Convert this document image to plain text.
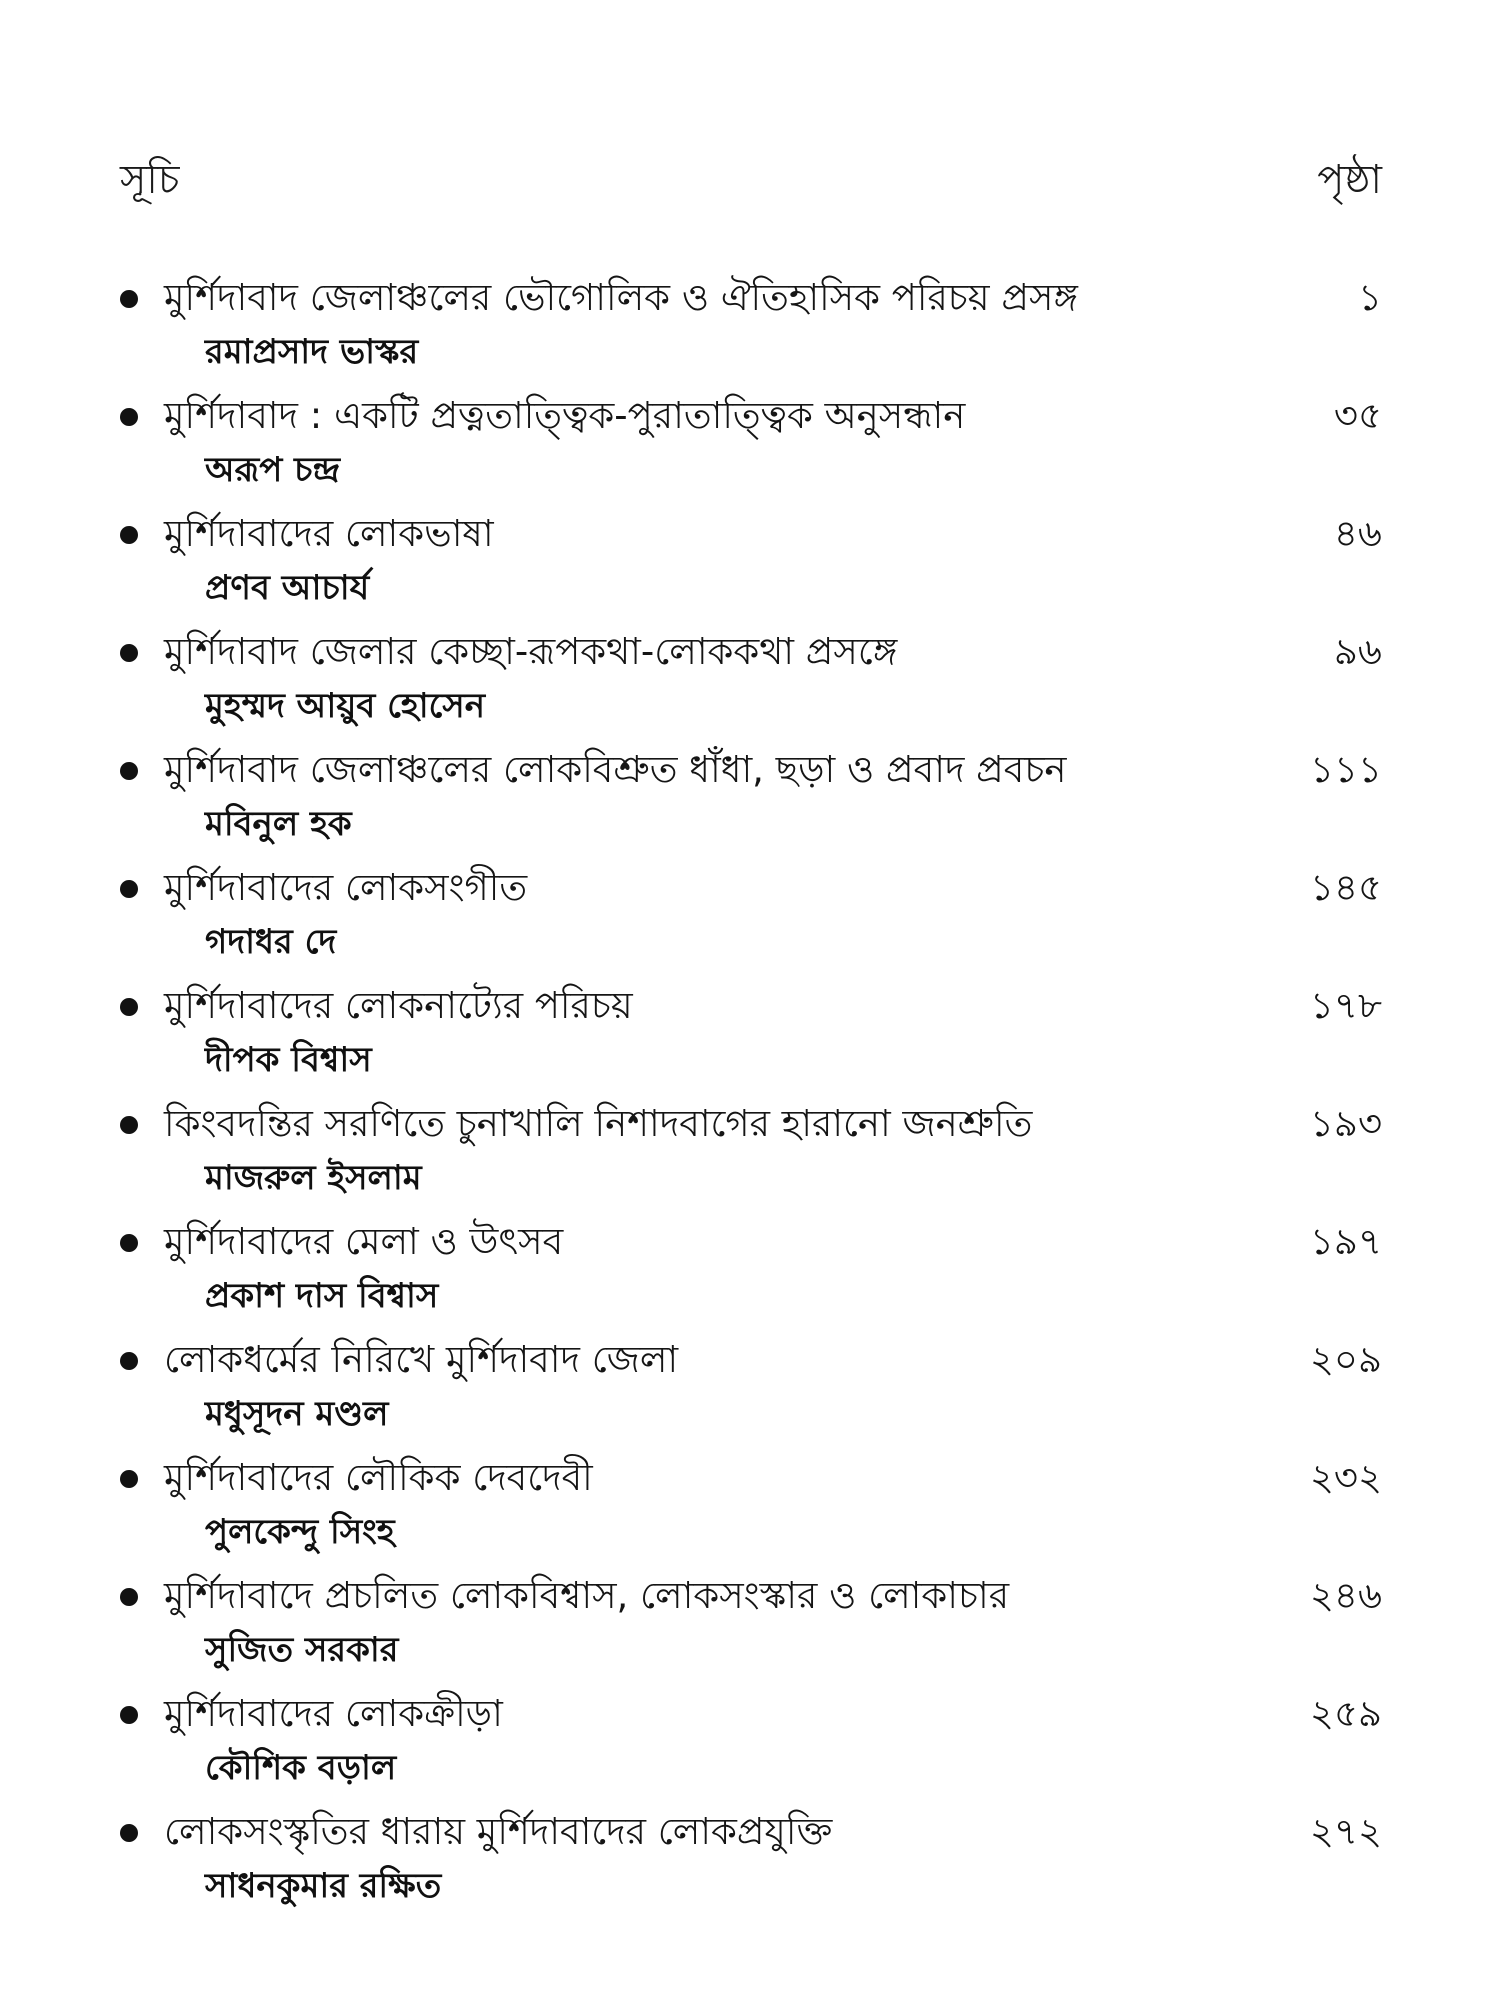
সূচি	পৃষ্ঠা
মুর্শিদাবাদ জেলাঞ্চলের ভৌগোলিক ও ঐতিহাসিক পরিচয় প্রসঙ্গ	১
রমাপ্রসাদ ভাস্কর
মুর্শিদাবাদ : একটি প্রত্নতাত্ত্বিক-পুরাতাত্ত্বিক অনুসন্ধান	৩৫
অরূপ চন্দ্র
মুর্শিদাবাদের লোকভাষা	৪৬
প্রণব আচার্য
মুর্শিদাবাদ জেলার কেচ্ছা-রূপকথা-লোককথা প্রসঙ্গে	৯৬
মুহম্মদ আয়ুব হোসেন
মুর্শিদাবাদ জেলাঞ্চলের লোকবিশ্রুত ধাঁধা, ছড়া ও প্রবাদ প্রবচন	১১১
মবিনুল হক
মুর্শিদাবাদের লোকসংগীত	১৪৫
গদাধর দে
মুর্শিদাবাদের লোকনাট্যের পরিচয়	১৭৮
দীপক বিশ্বাস
কিংবদন্তির সরণিতে চুনাখালি নিশাদবাগের হারানো জনশ্রুতি	১৯৩
মাজরুল ইসলাম
মুর্শিদাবাদের মেলা ও উৎসব	১৯৭
প্রকাশ দাস বিশ্বাস
লোকধর্মের নিরিখে মুর্শিদাবাদ জেলা	২০৯
মধুসূদন মণ্ডল
মুর্শিদাবাদের লৌকিক দেবদেবী	২৩২
পুলকেন্দু সিংহ
মুর্শিদাবাদে প্রচলিত লোকবিশ্বাস, লোকসংস্কার ও লোকাচার	২৪৬
সুজিত সরকার
মুর্শিদাবাদের লোকক্রীড়া	২৫৯
কৌশিক বড়াল
লোকসংস্কৃতির ধারায় মুর্শিদাবাদের লোকপ্রযুক্তি	২৭২
সাধনকুমার রক্ষিত
